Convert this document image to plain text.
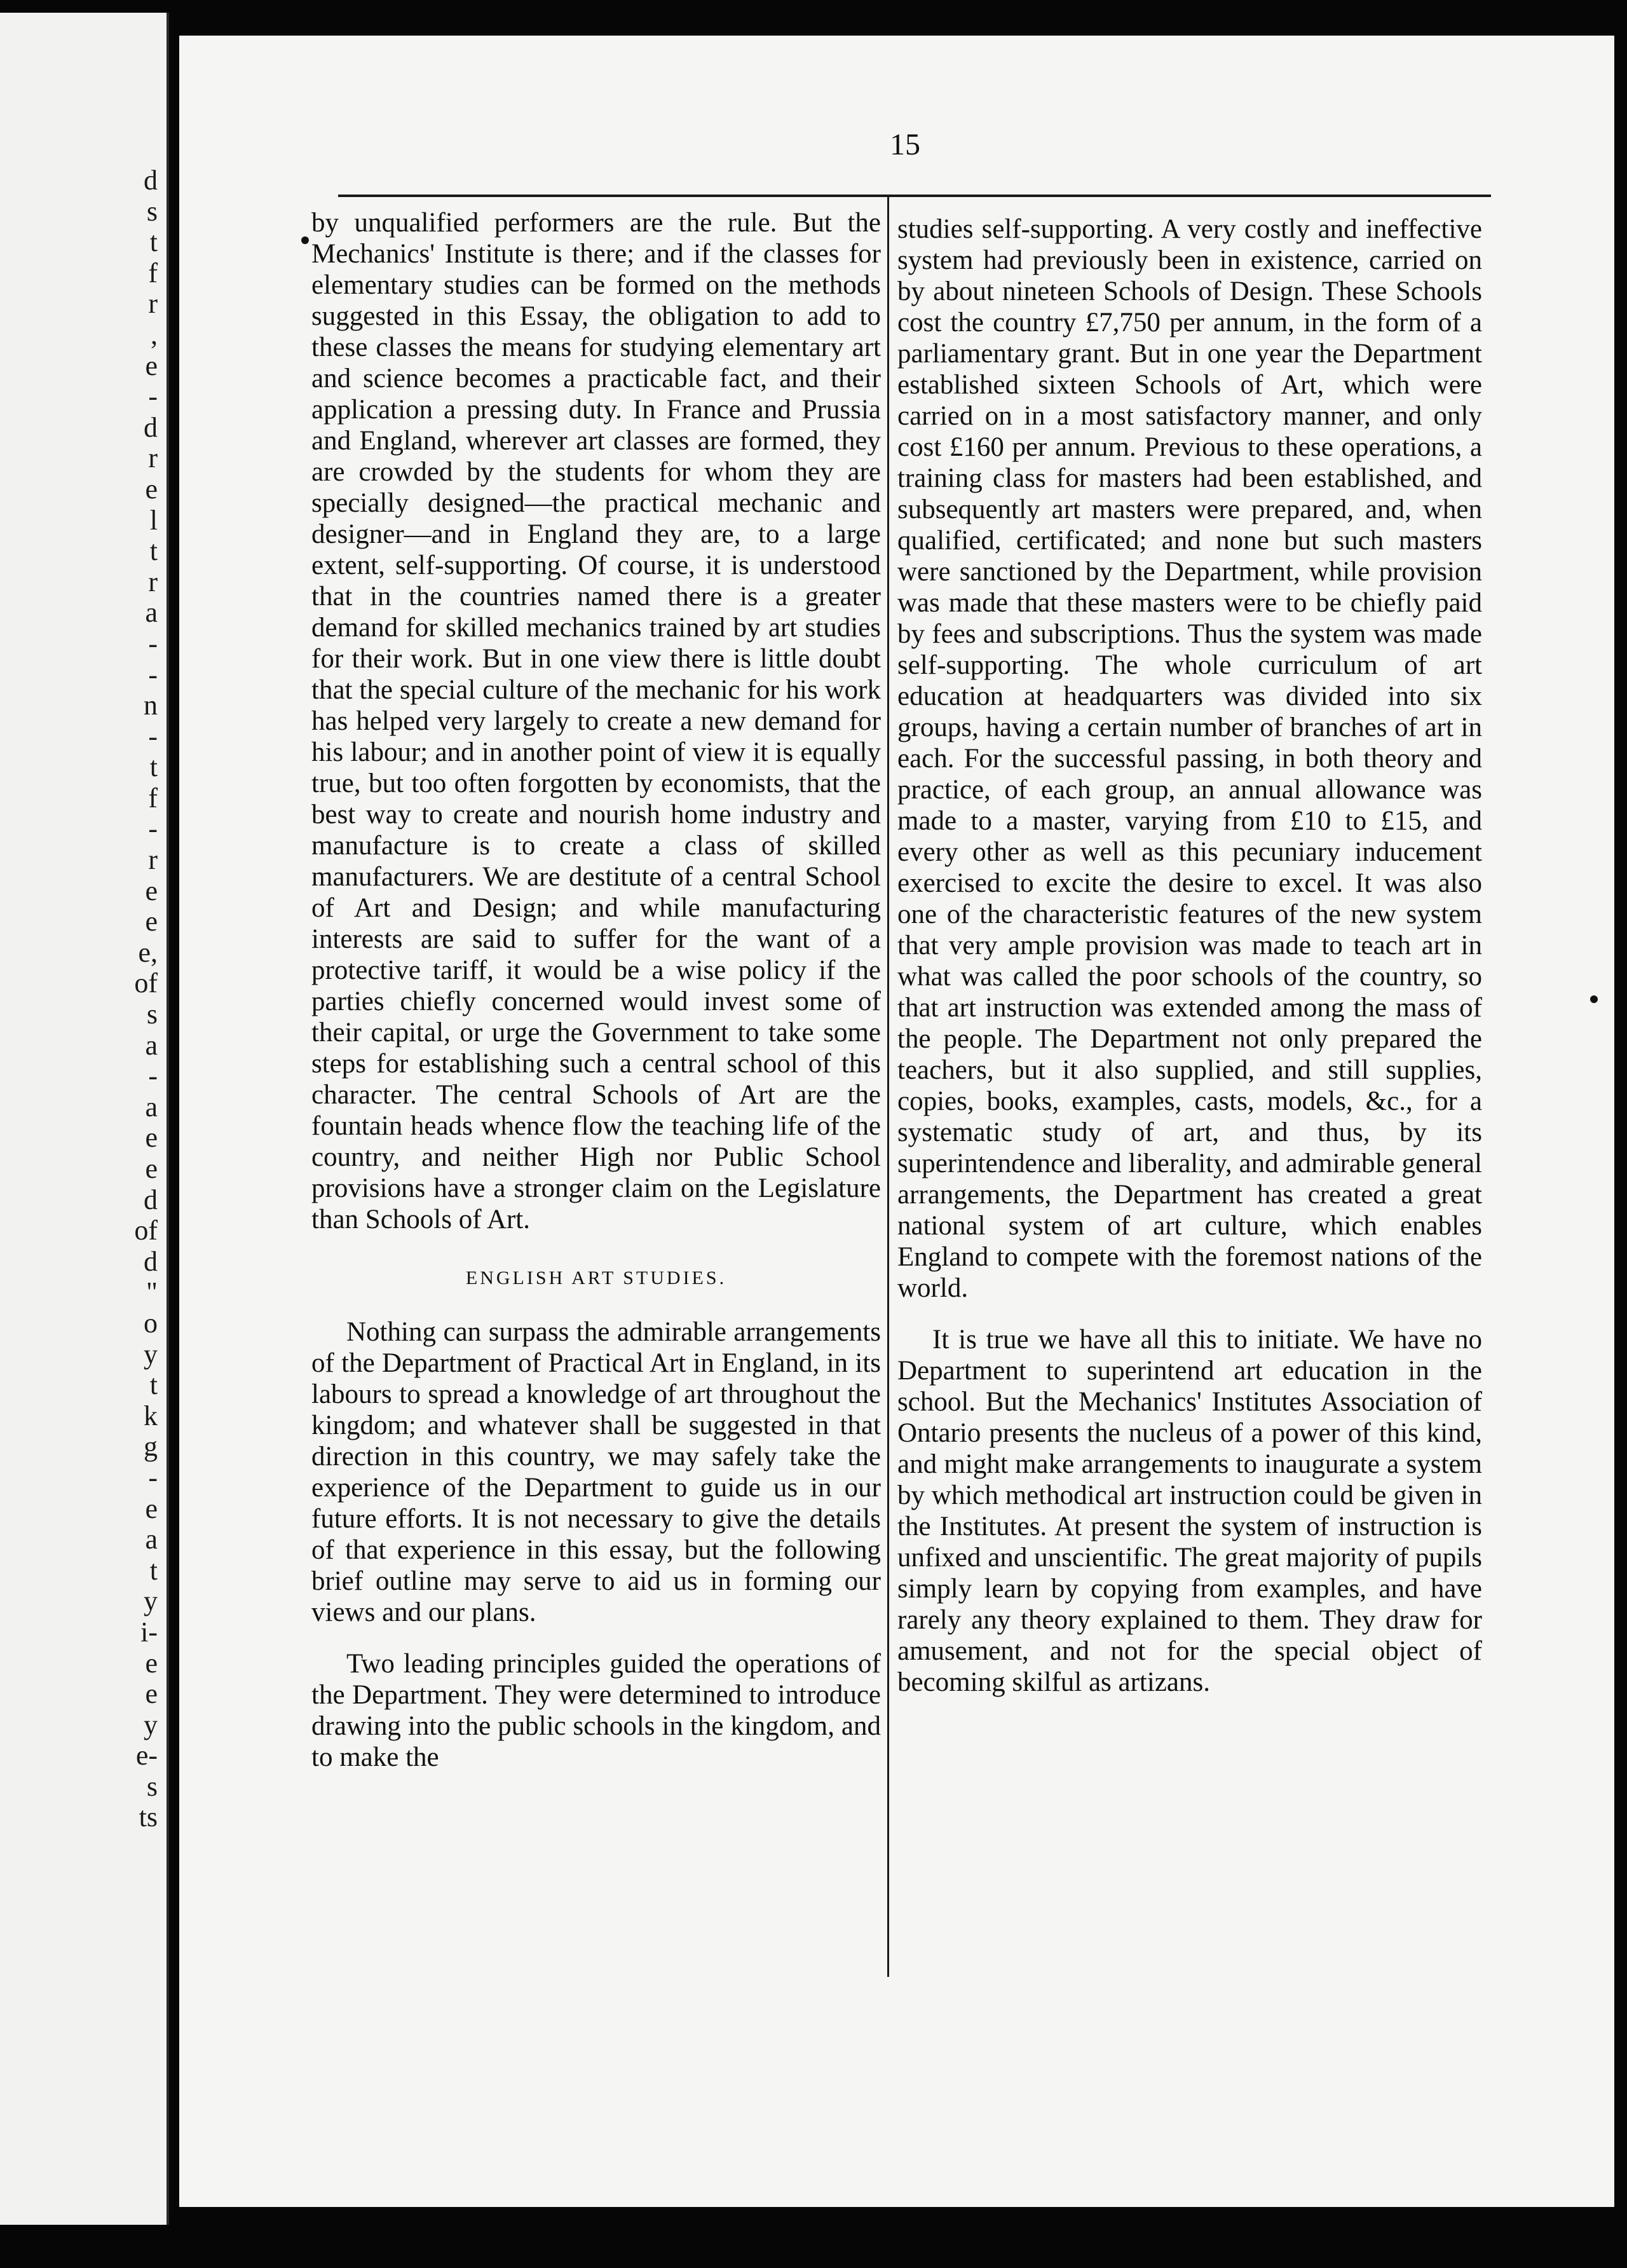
d
s
t
f
r
,
e
-
d
r
e
l
t
r
a
-
-
n
-
t
f
-
r
e
e
e,
of
s
a
-
a
e
e
d
of
d
"
o
y
t
k
g
-
e
a
t
y
i-
e
e
y
e-
s
ts
15

by unqualified performers are the rule. But the Mechanics' Institute is there; and if the classes for elementary studies can be formed on the methods suggested in this Essay, the obligation to add to these classes the means for studying elementary art and science becomes a practicable fact, and their application a pressing duty. In France and Prussia and England, wherever art classes are formed, they are crowded by the students for whom they are specially designed—the practical mechanic and designer—and in England they are, to a large extent, self-supporting. Of course, it is understood that in the countries named there is a greater demand for skilled mechanics trained by art studies for their work. But in one view there is little doubt that the special culture of the mechanic for his work has helped very largely to create a new demand for his labour; and in another point of view it is equally true, but too often forgotten by economists, that the best way to create and nourish home industry and manufacture is to create a class of skilled manufacturers. We are destitute of a central School of Art and Design; and while manufacturing interests are said to suffer for the want of a protective tariff, it would be a wise policy if the parties chiefly concerned would invest some of their capital, or urge the Government to take some steps for establishing such a central school of this character. The central Schools of Art are the fountain heads whence flow the teaching life of the country, and neither High nor Public School provisions have a stronger claim on the Legislature than Schools of Art.

ENGLISH ART STUDIES.

Nothing can surpass the admirable arrangements of the Department of Practical Art in England, in its labours to spread a knowledge of art throughout the kingdom; and whatever shall be suggested in that direction in this country, we may safely take the experience of the Department to guide us in our future efforts. It is not necessary to give the details of that experience in this essay, but the following brief outline may serve to aid us in forming our views and our plans.

Two leading principles guided the operations of the Department. They were determined to introduce drawing into the public schools in the kingdom, and to make the

studies self-supporting. A very costly and ineffective system had previously been in existence, carried on by about nineteen Schools of Design. These Schools cost the country £7,750 per annum, in the form of a parliamentary grant. But in one year the Department established sixteen Schools of Art, which were carried on in a most satisfactory manner, and only cost £160 per annum. Previous to these operations, a training class for masters had been established, and subsequently art masters were prepared, and, when qualified, certificated; and none but such masters were sanctioned by the Department, while provision was made that these masters were to be chiefly paid by fees and subscriptions. Thus the system was made self-supporting. The whole curriculum of art education at headquarters was divided into six groups, having a certain number of branches of art in each. For the successful passing, in both theory and practice, of each group, an annual allowance was made to a master, varying from £10 to £15, and every other as well as this pecuniary inducement exercised to excite the desire to excel. It was also one of the characteristic features of the new system that very ample provision was made to teach art in what was called the poor schools of the country, so that art instruction was extended among the mass of the people. The Department not only prepared the teachers, but it also supplied, and still supplies, copies, books, examples, casts, models, &c., for a systematic study of art, and thus, by its superintendence and liberality, and admirable general arrangements, the Department has created a great national system of art culture, which enables England to compete with the foremost nations of the world.

It is true we have all this to initiate. We have no Department to superintend art education in the school. But the Mechanics' Institutes Association of Ontario presents the nucleus of a power of this kind, and might make arrangements to inaugurate a system by which methodical art instruction could be given in the Institutes. At present the system of instruction is unfixed and unscientific. The great majority of pupils simply learn by copying from examples, and have rarely any theory explained to them. They draw for amusement, and not for the special object of becoming skilful as artizans.
